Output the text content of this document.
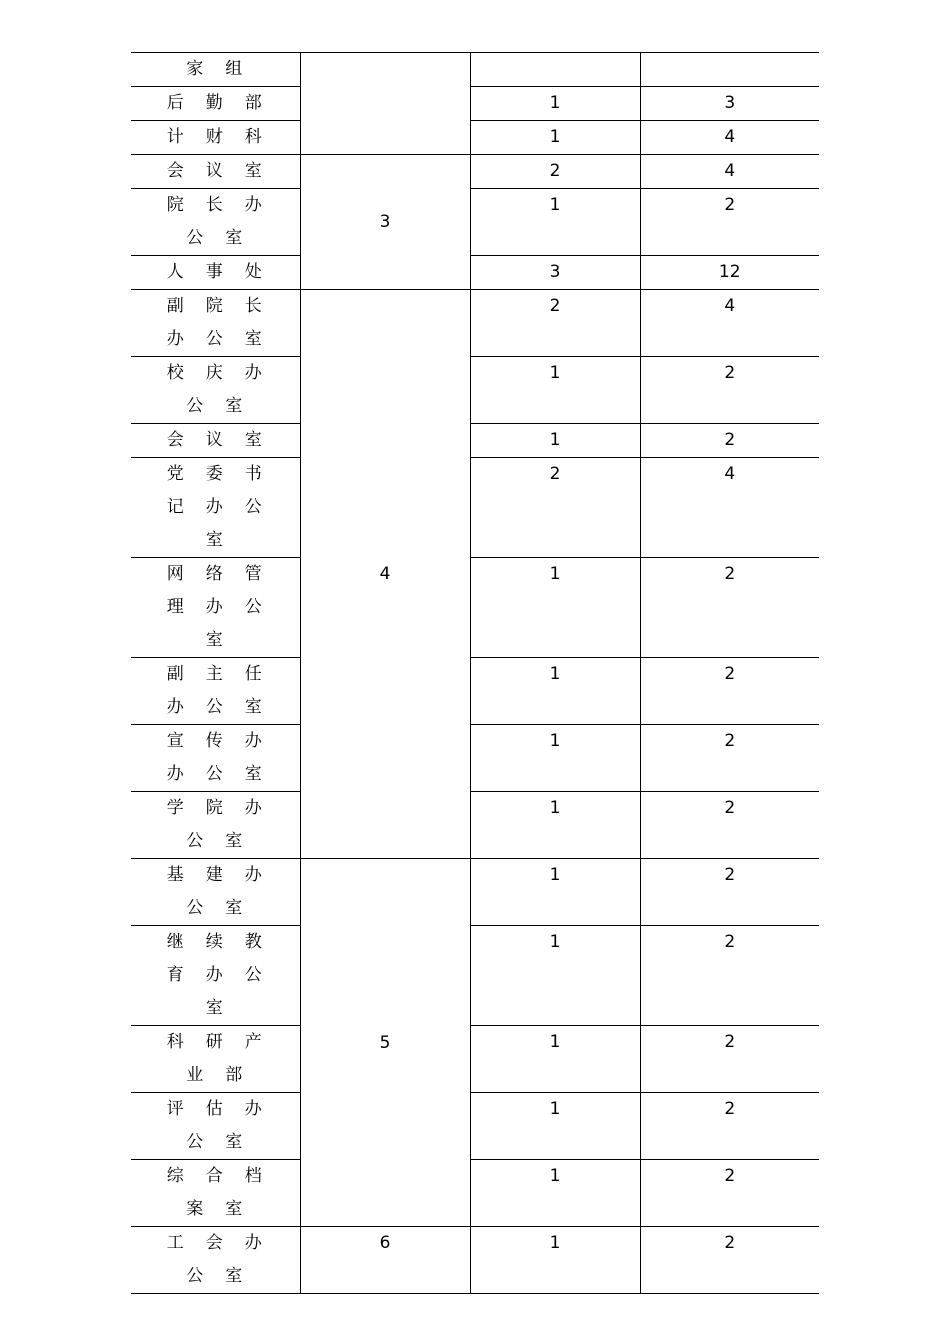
家组			
后勤部		1	3
计财科		1	4
会议室	3	2	4
院长办公室		1	2
人事处		3	12
副院长办公室	4	2	4
校庆办公室		1	2
会议室		1	2
党委书记办公室		2	4
网络管理办公室		1	2
副主任办公室		1	2
宣传办办公室		1	2
学院办公室		1	2
基建办公室	5	1	2
继续教育办公室		1	2
科研产业部		1	2
评估办公室		1	2
综合档案室		1	2
工会办公室	6	1	2
